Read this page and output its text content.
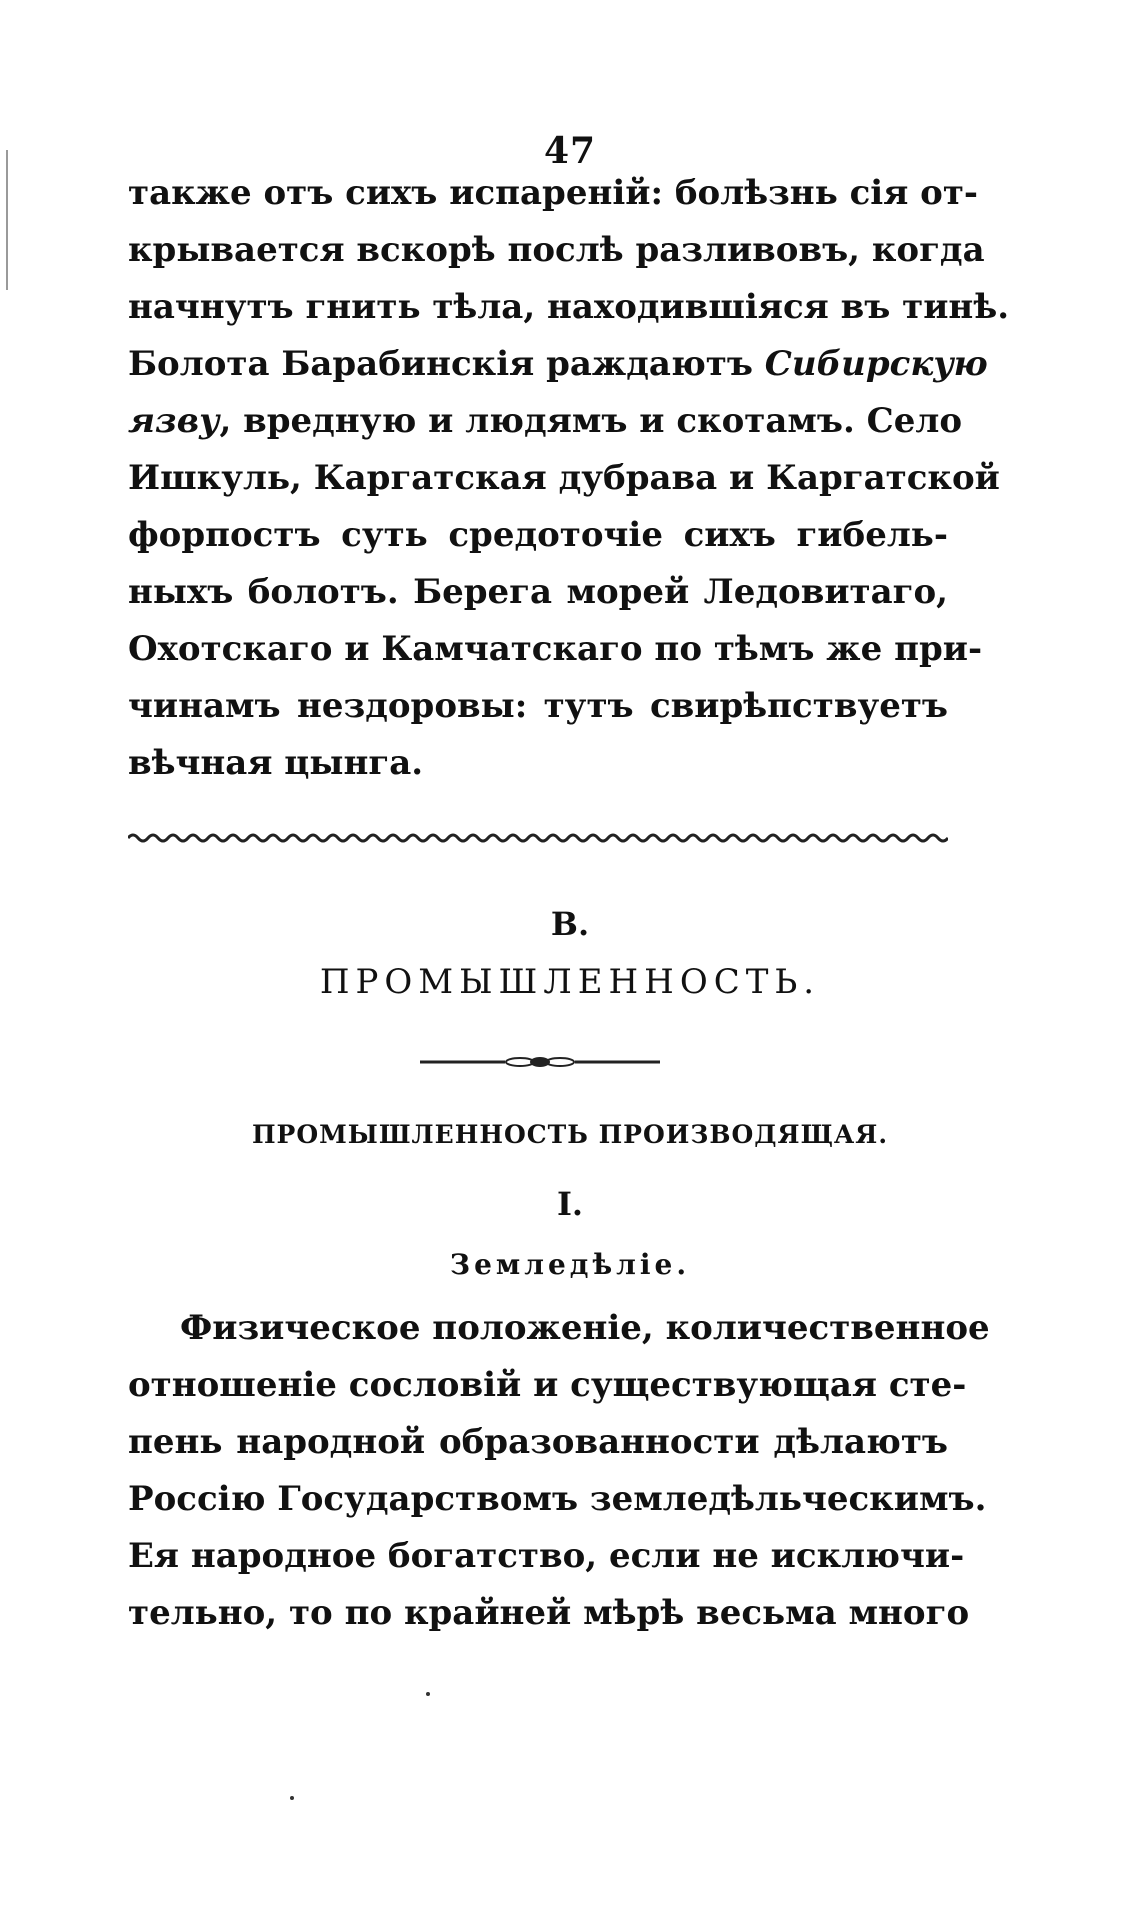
47
также отъ сихъ испареній: болѣзнь сія от-
крывается вскорѣ послѣ разливовъ, когда
начнутъ гнить тѣла, находившіяся въ тинѣ.
Болота Барабинскія раждаютъ Сибирскую
язву, вредную и людямъ и скотамъ. Село
Ишкуль, Каргатская дубрава и Каргатской
форпостъ суть средоточіе сихъ гибель-
ныхъ болотъ. Берега морей Ледовитаго,
Охотскаго и Камчатскаго по тѣмъ же при-
чинамъ нездоровы: тутъ свирѣпствуетъ
вѣчная цынга.
В.
ПРОМЫШЛЕННОСТЬ.
ПРОМЫШЛЕННОСТЬ ПРОИЗВОДЯЩАЯ.
I.
Земледѣліе.
Физическое положеніе, количественное
отношеніе сословій и существующая сте-
пень народной образованности дѣлаютъ
Россію Государствомъ земледѣльческимъ.
Ея народное богатство, если не исключи-
тельно, то по крайней мѣрѣ весьма много
